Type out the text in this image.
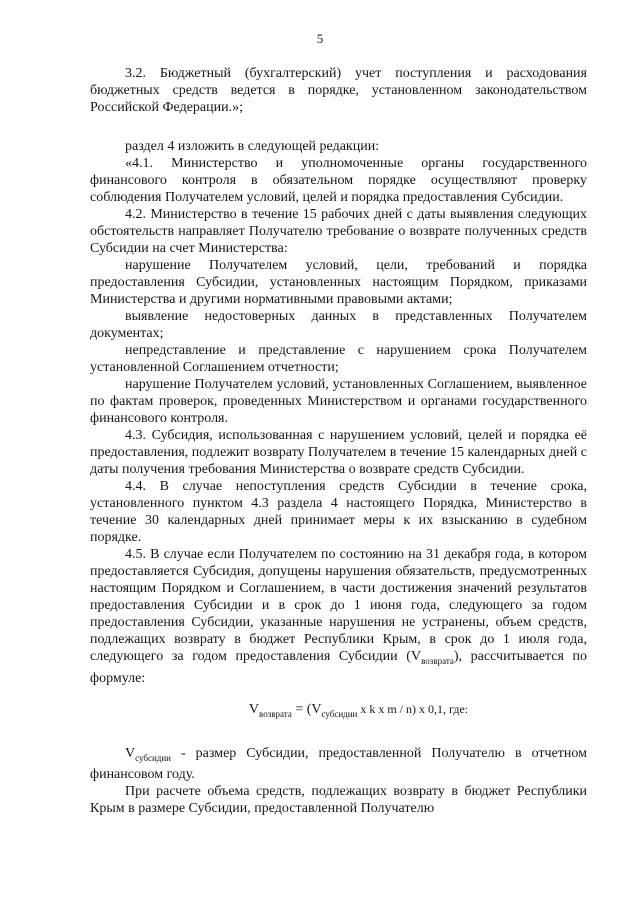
5

3.2. Бюджетный (бухгалтерский) учет поступления и расходования бюджетных средств ведется в порядке, установленном законодательством Российской Федерации.»;

раздел 4 изложить в следующей редакции:

«4.1. Министерство и уполномоченные органы государственного финансового контроля в обязательном порядке осуществляют проверку соблюдения Получателем условий, целей и порядка предоставления Субсидии.

4.2. Министерство в течение 15 рабочих дней с даты выявления следующих обстоятельств направляет Получателю требование о возврате полученных средств Субсидии на счет Министерства:

нарушение Получателем условий, цели, требований и порядка предоставления Субсидии, установленных настоящим Порядком, приказами Министерства и другими нормативными правовыми актами;

выявление недостоверных данных в представленных Получателем документах;

непредставление и представление с нарушением срока Получателем установленной Соглашением отчетности;

нарушение Получателем условий, установленных Соглашением, выявленное по фактам проверок, проведенных Министерством и органами государственного финансового контроля.

4.3. Субсидия, использованная с нарушением условий, целей и порядка её предоставления, подлежит возврату Получателем в течение 15 календарных дней с даты получения требования Министерства о возврате средств Субсидии.

4.4. В случае непоступления средств Субсидии в течение срока, установленного пунктом 4.3 раздела 4 настоящего Порядка, Министерство в течение 30 календарных дней принимает меры к их взысканию в судебном порядке.

4.5. В случае если Получателем по состоянию на 31 декабря года, в котором предоставляется Субсидия, допущены нарушения обязательств, предусмотренных настоящим Порядком и Соглашением, в части достижения значений результатов предоставления Субсидии и в срок до 1 июня года, следующего за годом предоставления Субсидии, указанные нарушения не устранены, объем средств, подлежащих возврату в бюджет Республики Крым, в срок до 1 июля года, следующего за годом предоставления Субсидии $(V_{возврата})$, рассчитывается по формуле:

$V_{возврата} = (V_{субсидии}$ x k x m / n) x 0,1, где:

$V_{субсидии}$ - размер Субсидии, предоставленной Получателю в отчетном финансовом году.

При расчете объема средств, подлежащих возврату в бюджет Республики Крым в размере Субсидии, предоставленной Получателю
